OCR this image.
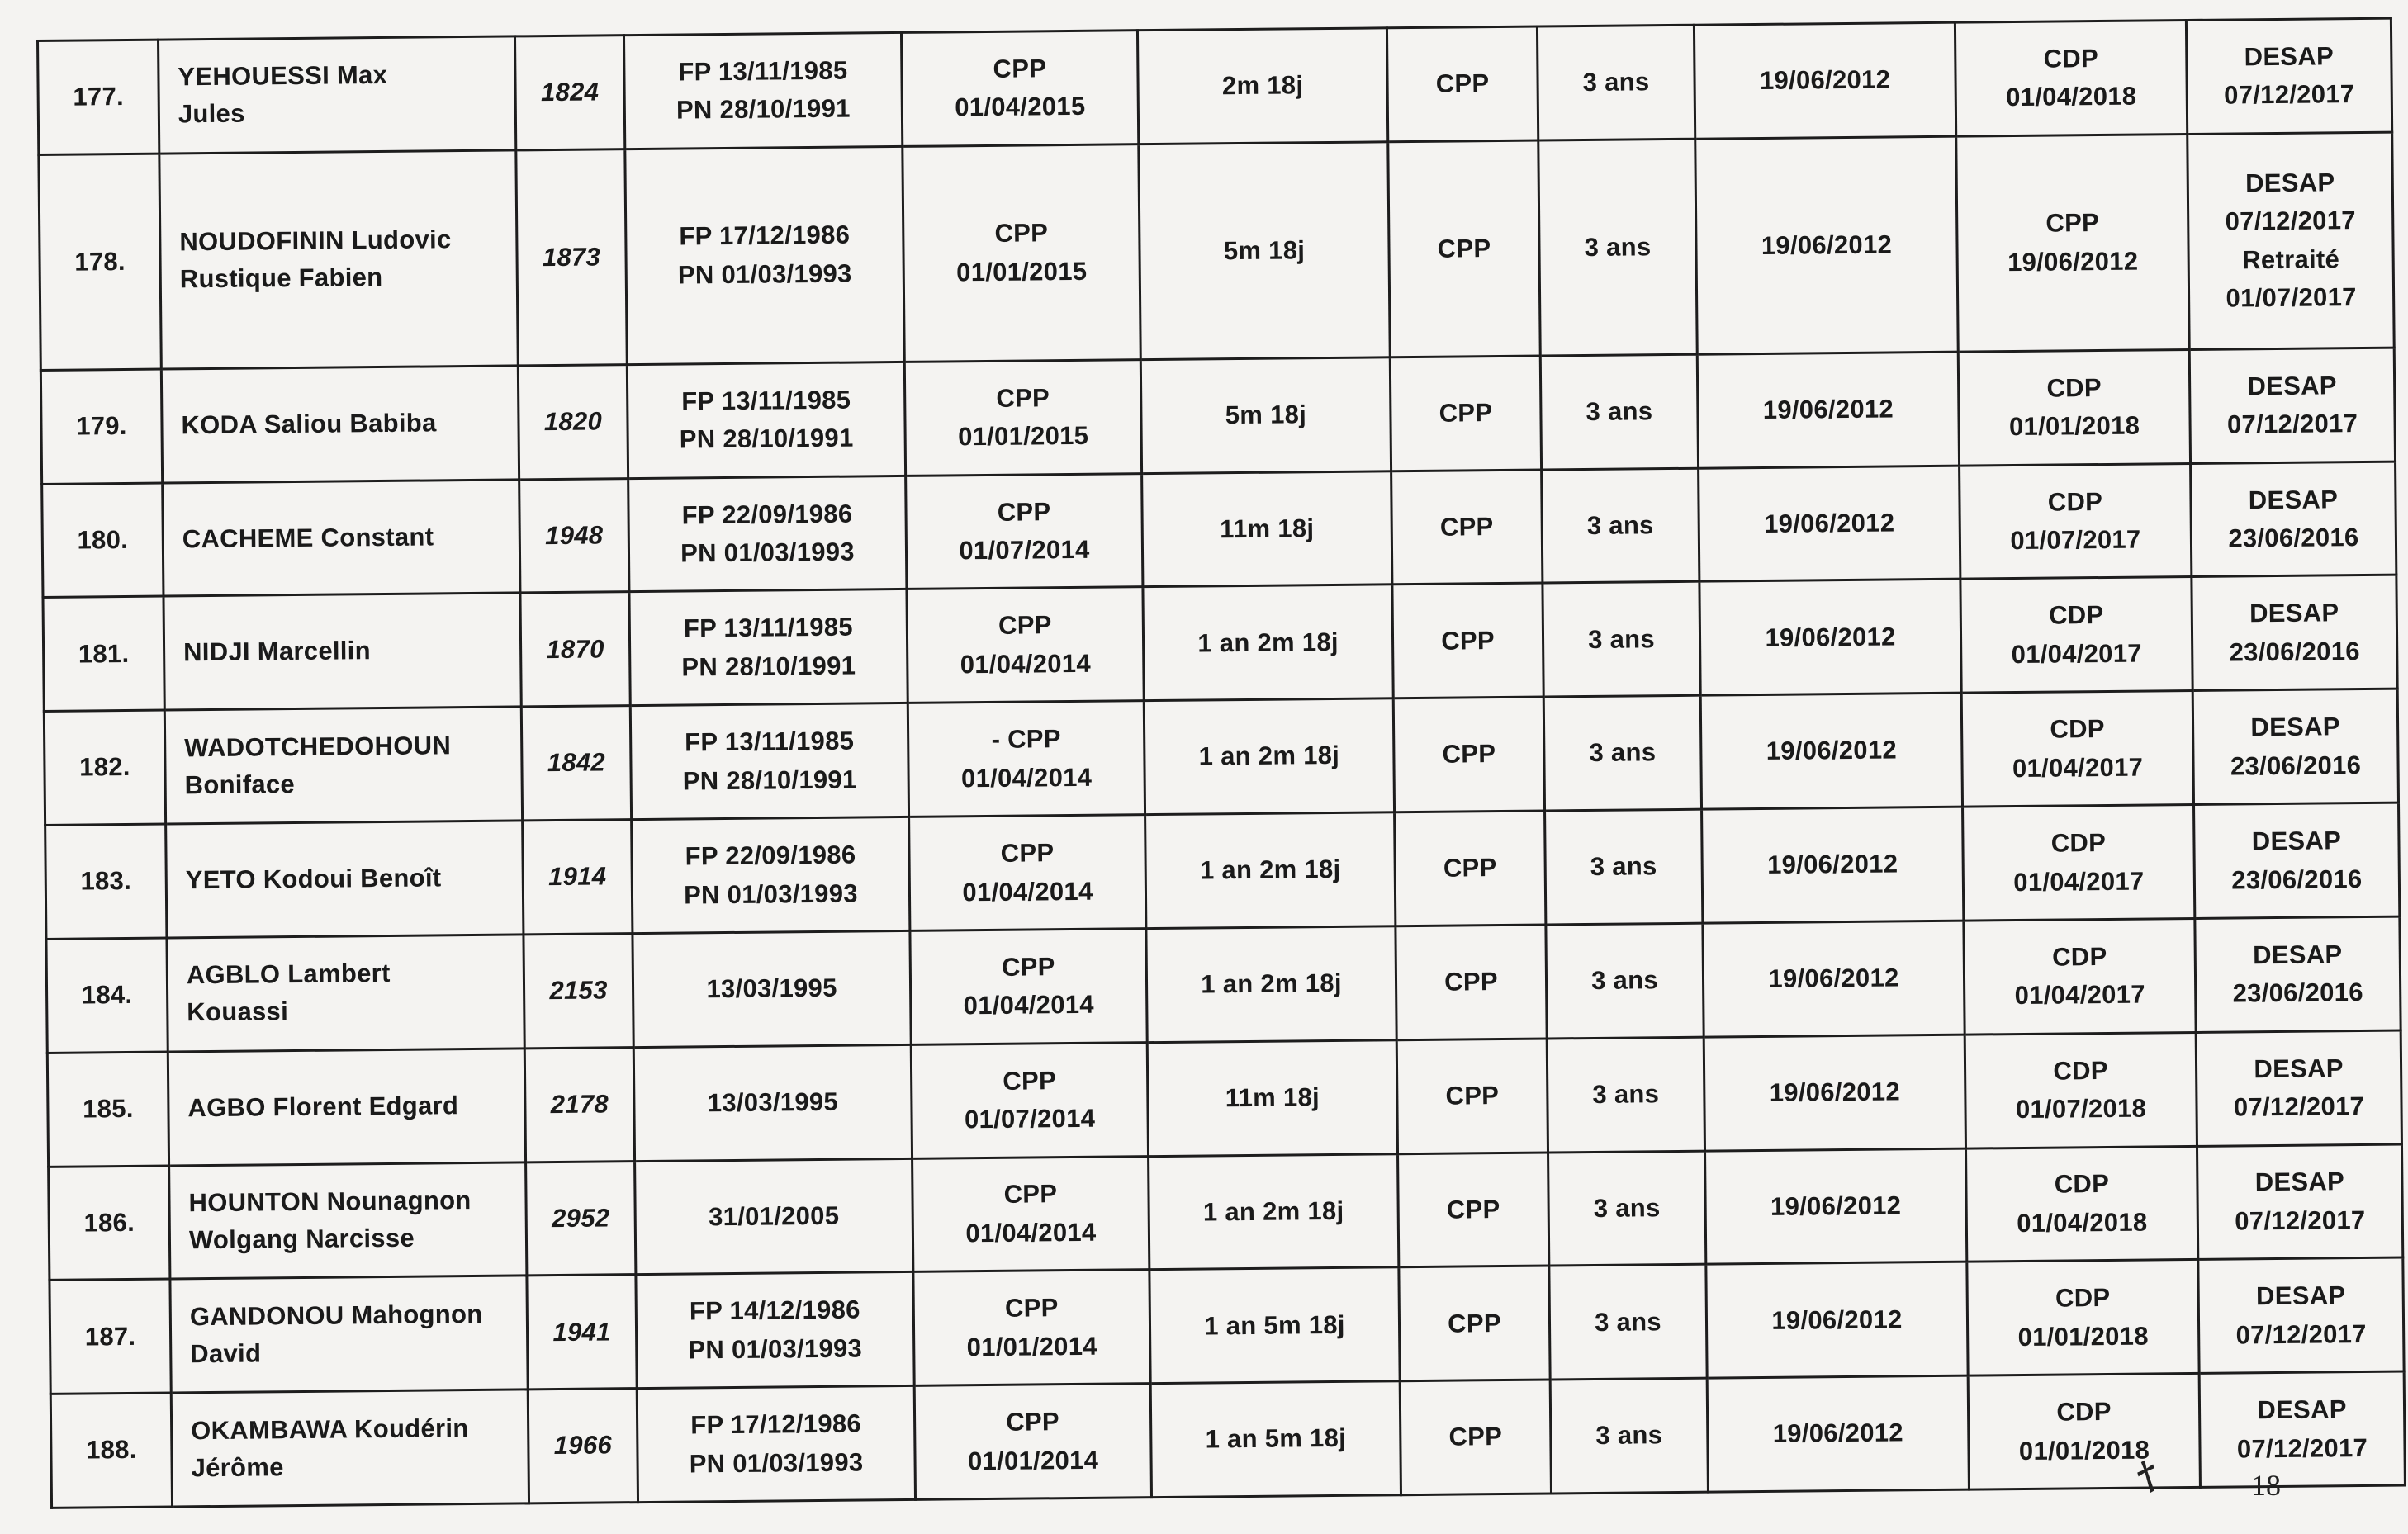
177.	YEHOUESSI Max
Jules	1824	FP 13/11/1985
PN 28/10/1991	CPP
01/04/2015	2m 18j	CPP	3 ans	19/06/2012	CDP
01/04/2018	DESAP
07/12/2017

178.	NOUDOFININ Ludovic
Rustique Fabien	1873	FP 17/12/1986
PN 01/03/1993	CPP
01/01/2015	5m 18j	CPP	3 ans	19/06/2012	CPP
19/06/2012	DESAP
07/12/2017
Retraité
01/07/2017

179.	KODA Saliou Babiba	1820	FP 13/11/1985
PN 28/10/1991	CPP
01/01/2015	5m 18j	CPP	3 ans	19/06/2012	CDP
01/01/2018	DESAP
07/12/2017

180.	CACHEME Constant	1948	FP 22/09/1986
PN 01/03/1993	CPP
01/07/2014	11m 18j	CPP	3 ans	19/06/2012	CDP
01/07/2017	DESAP
23/06/2016

181.	NIDJI Marcellin	1870	FP 13/11/1985
PN 28/10/1991	CPP
01/04/2014	1 an 2m 18j	CPP	3 ans	19/06/2012	CDP
01/04/2017	DESAP
23/06/2016

182.	WADOTCHEDOHOUN
Boniface	1842	FP 13/11/1985
PN 28/10/1991	- CPP
01/04/2014	1 an 2m 18j	CPP	3 ans	19/06/2012	CDP
01/04/2017	DESAP
23/06/2016

183.	YETO Kodoui Benoît	1914	FP 22/09/1986
PN 01/03/1993	CPP
01/04/2014	1 an 2m 18j	CPP	3 ans	19/06/2012	CDP
01/04/2017	DESAP
23/06/2016

184.	AGBLO Lambert
Kouassi	2153	13/03/1995	CPP
01/04/2014	1 an 2m 18j	CPP	3 ans	19/06/2012	CDP
01/04/2017	DESAP
23/06/2016

185.	AGBO Florent Edgard	2178	13/03/1995	CPP
01/07/2014	11m 18j	CPP	3 ans	19/06/2012	CDP
01/07/2018	DESAP
07/12/2017

186.	HOUNTON Nounagnon
Wolgang Narcisse	2952	31/01/2005	CPP
01/04/2014	1 an 2m 18j	CPP	3 ans	19/06/2012	CDP
01/04/2018	DESAP
07/12/2017

187.	GANDONOU Mahognon
David	1941	FP 14/12/1986
PN 01/03/1993	CPP
01/01/2014	1 an 5m 18j	CPP	3 ans	19/06/2012	CDP
01/01/2018	DESAP
07/12/2017

188.	OKAMBAWA Koudérin
Jérôme	1966	FP 17/12/1986
PN 01/03/1993	CPP
01/01/2014	1 an 5m 18j	CPP	3 ans	19/06/2012	CDP
01/01/2018	DESAP
07/12/2017
†	18
